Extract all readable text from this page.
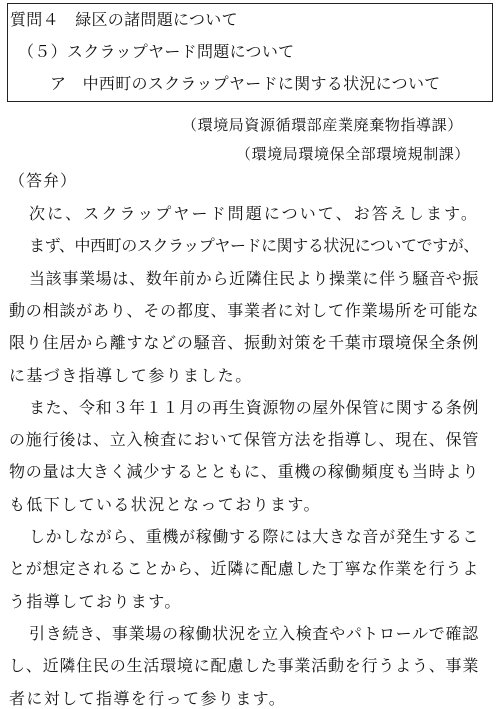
質問４　緑区の諸問題について
（５）スクラップヤード問題について
ア　中西町のスクラップヤードに関する状況について
（環境局資源循環部産業廃棄物指導課）
（環境局環境保全部環境規制課）
（答弁）
次に、スクラップヤード問題について、お答えします。
まず、中西町のスクラップヤードに関する状況についてですが、
当該事業場は、数年前から近隣住民より操業に伴う騒音や振
動の相談があり、その都度、事業者に対して作業場所を可能な
限り住居から離すなどの騒音、振動対策を千葉市環境保全条例
に基づき指導して参りました。
また、令和３年１１月の再生資源物の屋外保管に関する条例
の施行後は、立入検査において保管方法を指導し、現在、保管
物の量は大きく減少するとともに、重機の稼働頻度も当時より
も低下している状況となっております。
しかしながら、重機が稼働する際には大きな音が発生するこ
とが想定されることから、近隣に配慮した丁寧な作業を行うよ
う指導しております。
引き続き、事業場の稼働状況を立入検査やパトロールで確認
し、近隣住民の生活環境に配慮した事業活動を行うよう、事業
者に対して指導を行って参ります。
